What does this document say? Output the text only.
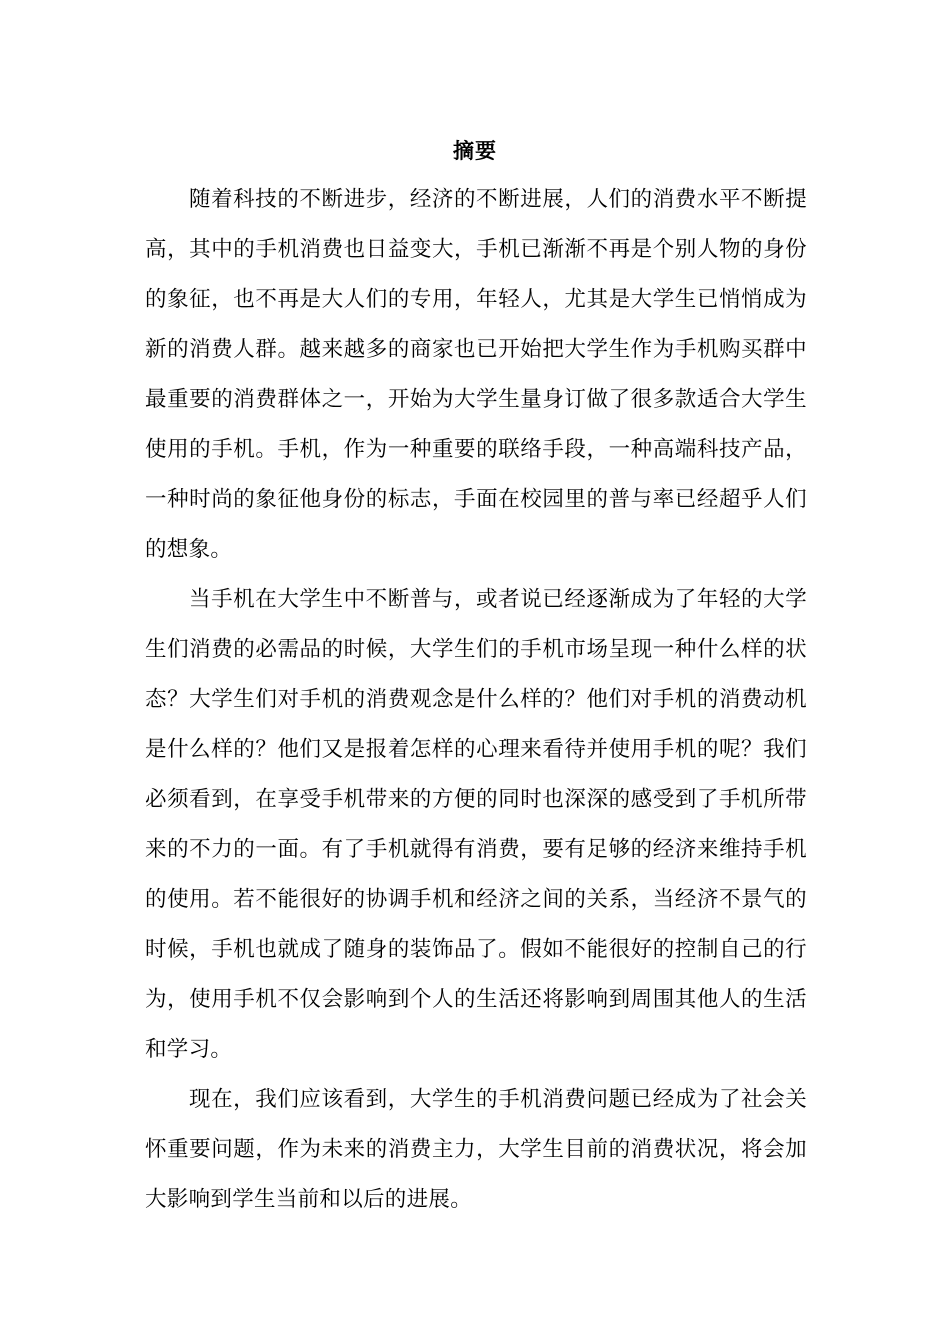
摘要

随着科技的不断进步，经济的不断进展，人们的消费水平不断提高，其中的手机消费也日益变大，手机已渐渐不再是个别人物的身份的象征，也不再是大人们的专用，年轻人，尤其是大学生已悄悄成为新的消费人群。越来越多的商家也已开始把大学生作为手机购买群中最重要的消费群体之一，开始为大学生量身订做了很多款适合大学生使用的手机。手机，作为一种重要的联络手段，一种高端科技产品，一种时尚的象征他身份的标志，手面在校园里的普与率已经超乎人们的想象。

当手机在大学生中不断普与，或者说已经逐渐成为了年轻的大学生们消费的必需品的时候，大学生们的手机市场呈现一种什么样的状态？大学生们对手机的消费观念是什么样的？他们对手机的消费动机是什么样的？他们又是报着怎样的心理来看待并使用手机的呢？我们必须看到，在享受手机带来的方便的同时也深深的感受到了手机所带来的不力的一面。有了手机就得有消费，要有足够的经济来维持手机的使用。若不能很好的协调手机和经济之间的关系，当经济不景气的时候，手机也就成了随身的装饰品了。假如不能很好的控制自己的行为，使用手机不仅会影响到个人的生活还将影响到周围其他人的生活和学习。

现在，我们应该看到，大学生的手机消费问题已经成为了社会关怀重要问题，作为未来的消费主力，大学生目前的消费状况，将会加大影响到学生当前和以后的进展。
